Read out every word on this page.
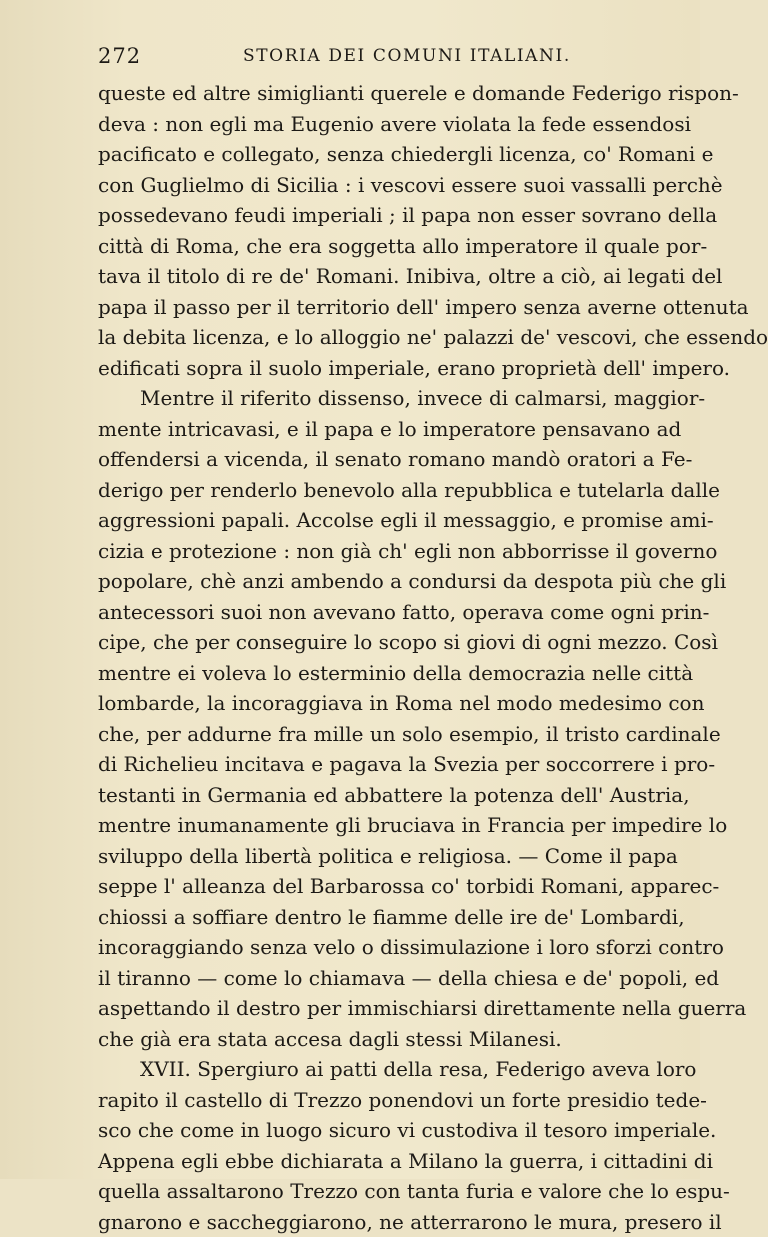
272	STORIA DEI COMUNI ITALIANI.
queste ed altre simiglianti querele e domande Federigo rispon-
deva : non egli ma Eugenio avere violata la fede essendosi
pacificato e collegato, senza chiedergli licenza, co' Romani e
con Guglielmo di Sicilia : i vescovi essere suoi vassalli perchè
possedevano feudi imperiali ; il papa non esser sovrano della
città di Roma, che era soggetta allo imperatore il quale por-
tava il titolo di re de' Romani. Inibiva, oltre a ciò, ai legati del
papa il passo per il territorio dell' impero senza averne ottenuta
la debita licenza, e lo alloggio ne' palazzi de' vescovi, che essendo
edificati sopra il suolo imperiale, erano proprietà dell' impero.
Mentre il riferito dissenso, invece di calmarsi, maggior-
mente intricavasi, e il papa e lo imperatore pensavano ad
offendersi a vicenda, il senato romano mandò oratori a Fe-
derigo per renderlo benevolo alla repubblica e tutelarla dalle
aggressioni papali. Accolse egli il messaggio, e promise ami-
cizia e protezione : non già ch' egli non abborrisse il governo
popolare, chè anzi ambendo a condursi da despota più che gli
antecessori suoi non avevano fatto, operava come ogni prin-
cipe, che per conseguire lo scopo si giovi di ogni mezzo. Così
mentre ei voleva lo esterminio della democrazia nelle città
lombarde, la incoraggiava in Roma nel modo medesimo con
che, per addurne fra mille un solo esempio, il tristo cardinale
di Richelieu incitava e pagava la Svezia per soccorrere i pro-
testanti in Germania ed abbattere la potenza dell' Austria,
mentre inumanamente gli bruciava in Francia per impedire lo
sviluppo della libertà politica e religiosa. — Come il papa
seppe l' alleanza del Barbarossa co' torbidi Romani, apparec-
chiossi a soffiare dentro le fiamme delle ire de' Lombardi,
incoraggiando senza velo o dissimulazione i loro sforzi contro
il tiranno — come lo chiamava — della chiesa e de' popoli, ed
aspettando il destro per immischiarsi direttamente nella guerra
che già era stata accesa dagli stessi Milanesi.
XVII. Spergiuro ai patti della resa, Federigo aveva loro
rapito il castello di Trezzo ponendovi un forte presidio tede-
sco che come in luogo sicuro vi custodiva il tesoro imperiale.
Appena egli ebbe dichiarata a Milano la guerra, i cittadini di
quella assaltarono Trezzo con tanta furia e valore che lo espu-
gnarono e saccheggiarono, ne atterrarono le mura, presero il
